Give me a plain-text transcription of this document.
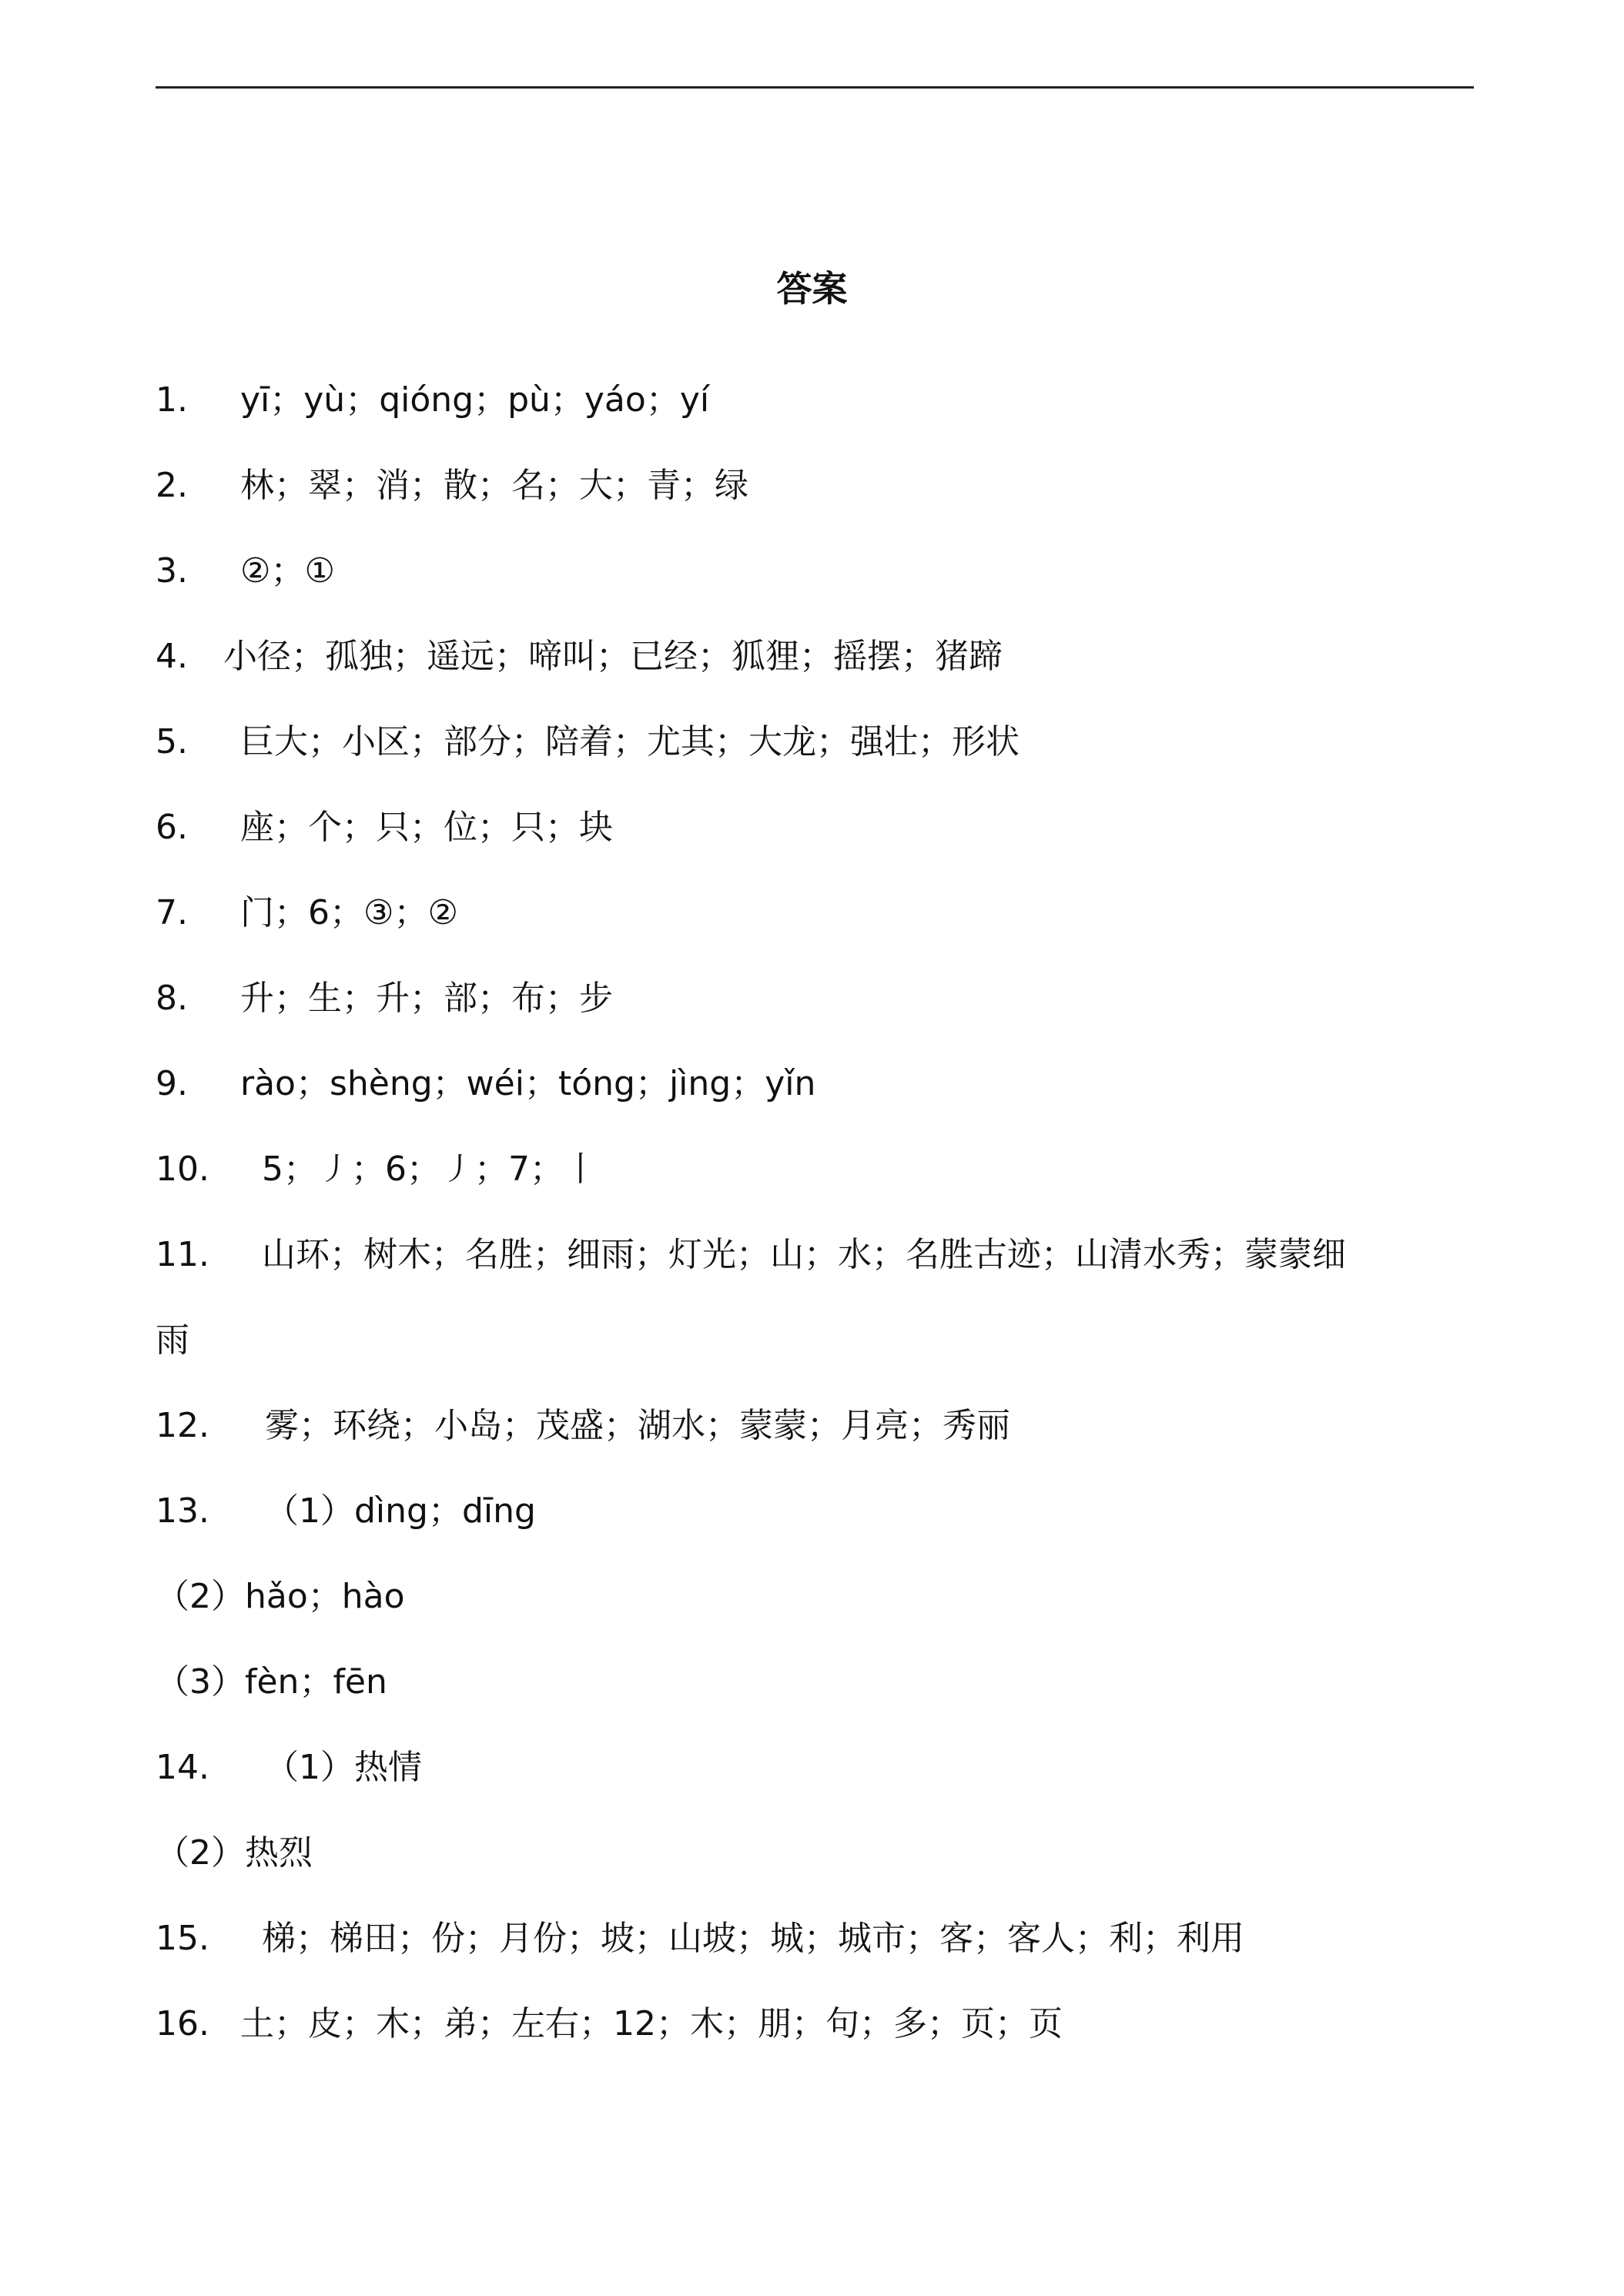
答案
1. yī；yù；qióng；pù；yáo；yí
2. 林；翠；消；散；名；大；青；绿
3. ②；①
4. 小径；孤独；遥远；啼叫；已经；狐狸；摇摆；猪蹄
5. 巨大；小区；部分；陪着；尤其；大龙；强壮；形状
6. 座；个；只；位；只；块
7. 门；6；③；②
8. 升；生；升；部；布；步
9. rào；shèng；wéi；tóng；jìng；yǐn
10. 5；㇓；6；㇓；7；丨
11. 山环；树木；名胜；细雨；灯光；山；水；名胜古迹；山清水秀；蒙蒙细
雨
12. 雾；环绕；小岛；茂盛；湖水；蒙蒙；月亮；秀丽
13. （1）dìng；dīng
（2）hǎo；hào
（3）fèn；fēn
14. （1）热情
（2）热烈
15. 梯；梯田；份；月份；坡；山坡；城；城市；客；客人；利；利用
16. 土；皮；木；弟；左右；12；木；朋；句；多；页；页
